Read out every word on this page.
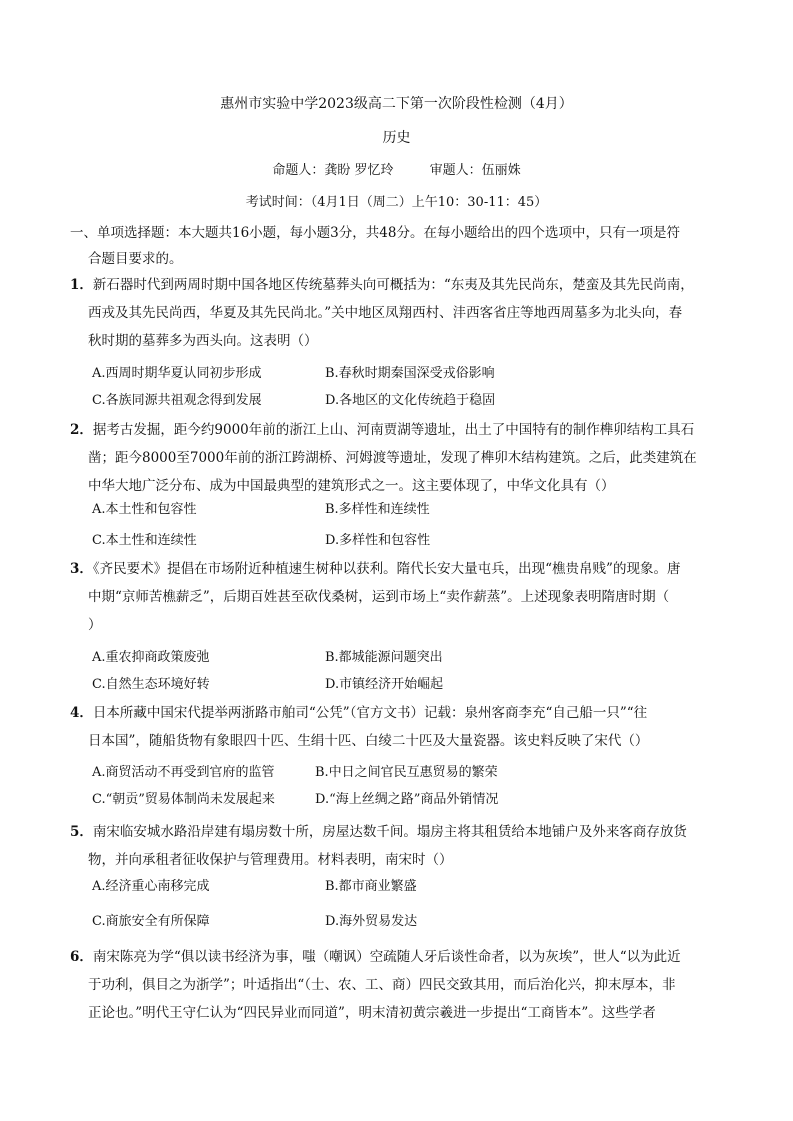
惠州市实验中学2023级高二下第一次阶段性检测（4月）
历史
命题人：龚盼 罗忆玲	审题人：伍丽姝
考试时间：（4月1日（周二）上午10：30-11：45）
一、单项选择题：本大题共16小题，每小题3分，共48分。在每小题给出的四个选项中，只有一项是符
合题目要求的。
1．新石器时代到两周时期中国各地区传统墓葬头向可概括为：“东夷及其先民尚东，楚蛮及其先民尚南，
西戎及其先民尚西，华夏及其先民尚北。”关中地区凤翔西村、沣西客省庄等地西周墓多为北头向，春
秋时期的墓葬多为西头向。这表明（）
A.西周时期华夏认同初步形成	B.春秋时期秦国深受戎俗影响
C.各族同源共祖观念得到发展	D.各地区的文化传统趋于稳固
2．据考古发掘，距今约9000年前的浙江上山、河南贾湖等遗址，出土了中国特有的制作榫卯结构工具石
凿；距今8000至7000年前的浙江跨湖桥、河姆渡等遗址，发现了榫卯木结构建筑。之后，此类建筑在
中华大地广泛分布、成为中国最典型的建筑形式之一。这主要体现了，中华文化具有（）
A.本土性和包容性	B.多样性和连续性
C.本土性和连续性	D.多样性和包容性
3．《齐民要术》提倡在市场附近种植速生树种以获利。隋代长安大量屯兵，出现“樵贵帛贱”的现象。唐
中期“京师苦樵薪乏”，后期百姓甚至砍伐桑树，运到市场上“卖作薪蒸”。上述现象表明隋唐时期（
）
A.重农抑商政策废弛	B.都城能源问题突出
C.自然生态环境好转	D.市镇经济开始崛起
4．日本所藏中国宋代提举两浙路市舶司“公凭”（官方文书）记载：泉州客商李充“自己船一只”“往
日本国”，随船货物有象眼四十匹、生绢十匹、白绫二十匹及大量瓷器。该史料反映了宋代（）
A.商贸活动不再受到官府的监管	B.中日之间官民互惠贸易的繁荣
C.“朝贡”贸易体制尚未发展起来	D.“海上丝绸之路”商品外销情况
5．南宋临安城水路沿岸建有塌房数十所，房屋达数千间。塌房主将其租赁给本地铺户及外来客商存放货
物，并向承租者征收保护与管理费用。材料表明，南宋时（）
A.经济重心南移完成	B.都市商业繁盛
C.商旅安全有所保障	D.海外贸易发达
6．南宋陈亮为学“俱以读书经济为事，嗤（嘲讽）空疏随人牙后谈性命者，以为灰埃”，世人“以为此近
于功利，俱目之为浙学”；叶适指出“（士、农、工、商）四民交致其用，而后治化兴，抑末厚本，非
正论也。”明代王守仁认为“四民异业而同道”，明末清初黄宗羲进一步提出“工商皆本”。这些学者
